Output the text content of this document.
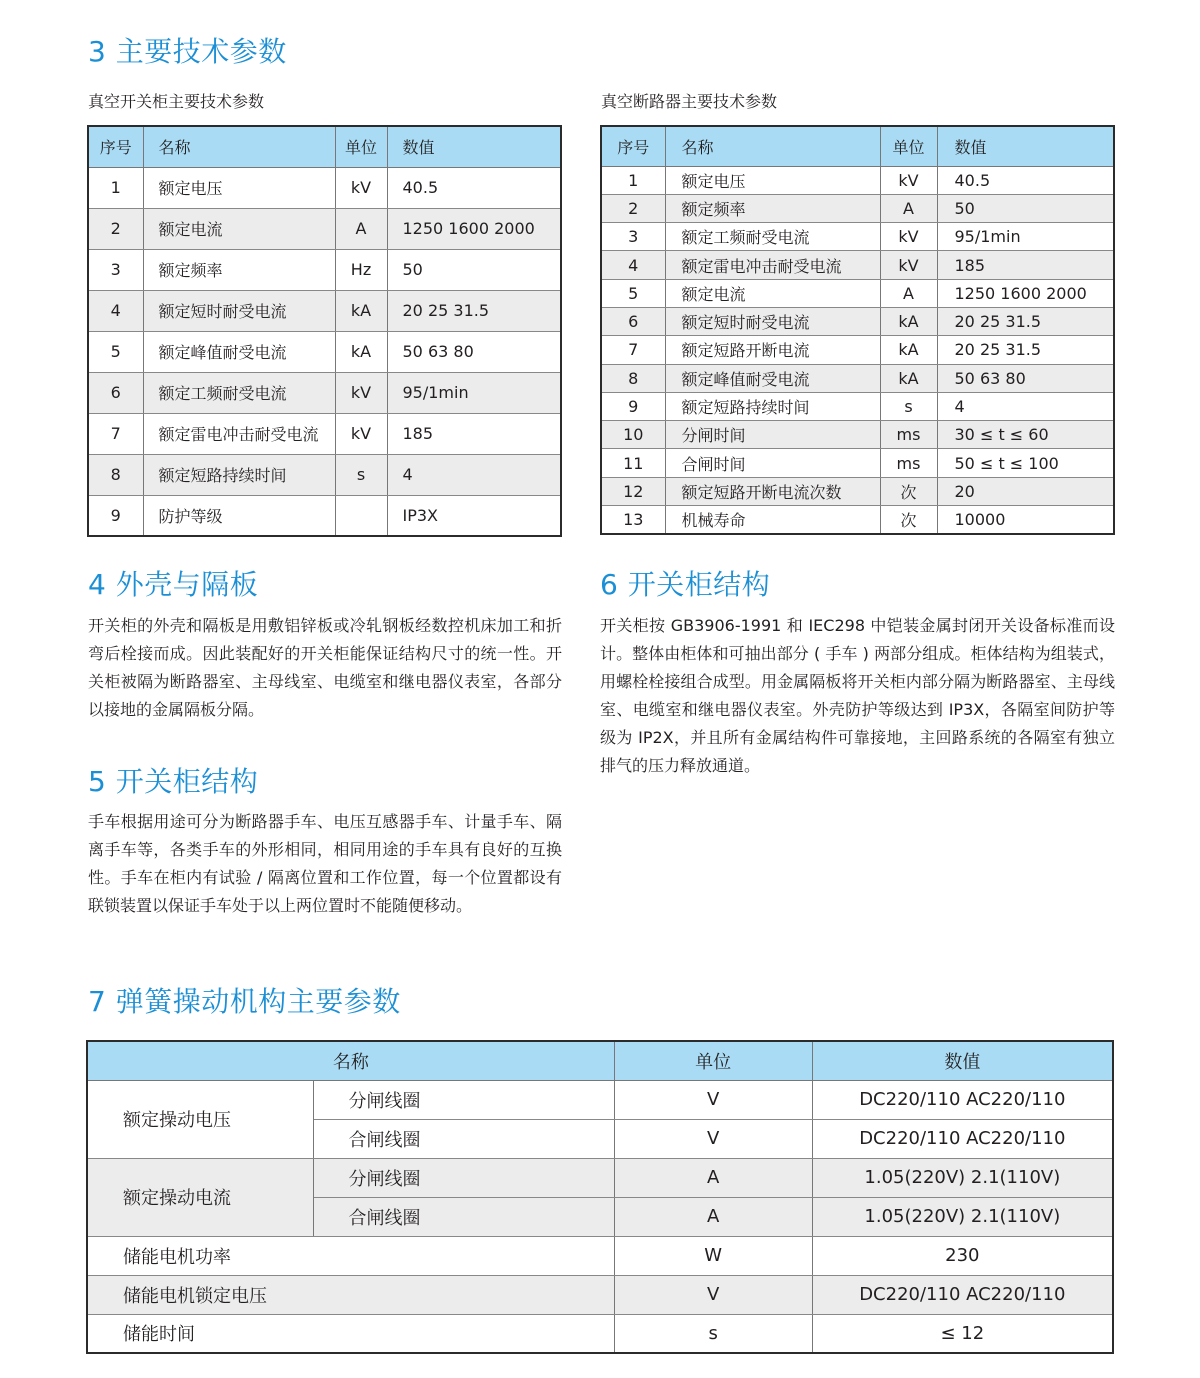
3 主要技术参数
真空开关柜主要技术参数
序号	名称	单位	数值
1	额定电压	kV	40.5
2	额定电流	A	1250 1600 2000
3	额定频率	Hz	50
4	额定短时耐受电流	kA	20 25 31.5
5	额定峰值耐受电流	kA	50 63 80
6	额定工频耐受电流	kV	95/1min
7	额定雷电冲击耐受电流	kV	185
8	额定短路持续时间	s	4
9	防护等级		IP3X
真空断路器主要技术参数
序号	名称	单位	数值
1	额定电压	kV	40.5
2	额定频率	A	50
3	额定工频耐受电流	kV	95/1min
4	额定雷电冲击耐受电流	kV	185
5	额定电流	A	1250 1600 2000
6	额定短时耐受电流	kA	20 25 31.5
7	额定短路开断电流	kA	20 25 31.5
8	额定峰值耐受电流	kA	50 63 80
9	额定短路持续时间	s	4
10	分闸时间	ms	30 ≤ t ≤ 60
11	合闸时间	ms	50 ≤ t ≤ 100
12	额定短路开断电流次数	次	20
13	机械寿命	次	10000
4 外壳与隔板

开关柜的外壳和隔板是用敷铝锌板或冷轧钢板经数控机床加工和折弯后栓接而成。因此装配好的开关柜能保证结构尺寸的统一性。开关柜被隔为断路器室、主母线室、电缆室和继电器仪表室，各部分以接地的金属隔板分隔。

5 开关柜结构

手车根据用途可分为断路器手车、电压互感器手车、计量手车、隔离手车等，各类手车的外形相同，相同用途的手车具有良好的互换性。手车在柜内有试验 / 隔离位置和工作位置，每一个位置都设有联锁装置以保证手车处于以上两位置时不能随便移动。

6 开关柜结构

开关柜按 GB3906-1991 和 IEC298 中铠装金属封闭开关设备标准而设计。整体由柜体和可抽出部分 ( 手车 ) 两部分组成。柜体结构为组装式，用螺栓栓接组合成型。用金属隔板将开关柜内部分隔为断路器室、主母线室、电缆室和继电器仪表室。外壳防护等级达到 IP3X，各隔室间防护等级为 IP2X，并且所有金属结构件可靠接地，主回路系统的各隔室有独立排气的压力释放通道。

7 弹簧操动机构主要参数
名称		单位	数值
额定操动电压	分闸线圈	V	DC220/110 AC220/110
	合闸线圈	V	DC220/110 AC220/110
额定操动电流	分闸线圈	A	1.05(220V) 2.1(110V)
	合闸线圈	A	1.05(220V) 2.1(110V)
储能电机功率		W	230
储能电机锁定电压		V	DC220/110 AC220/110
储能时间		s	≤ 12
